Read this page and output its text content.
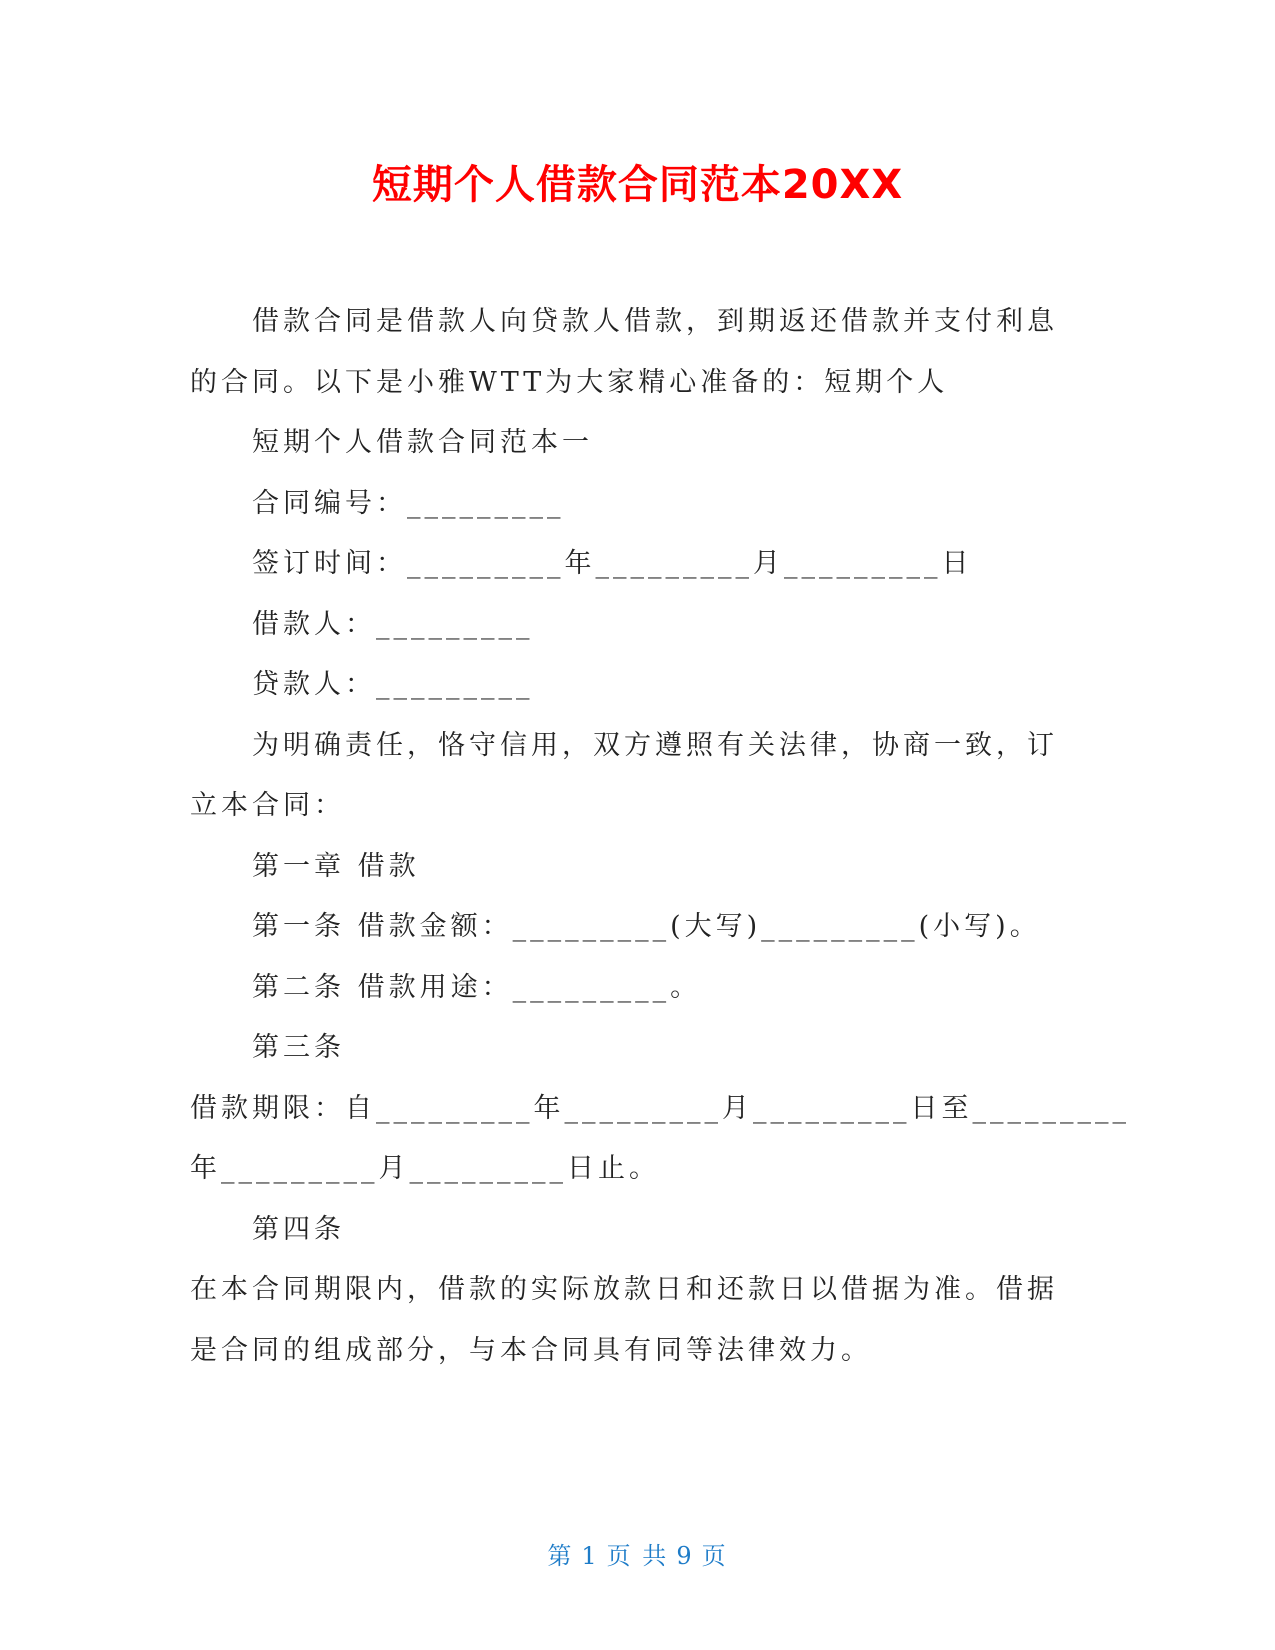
短期个人借款合同范本20XX

借款合同是借款人向贷款人借款，到期返还借款并支付利息

的合同。以下是小雅WTT为大家精心准备的：短期个人

短期个人借款合同范本一

合同编号：_________

签订时间：_________年_________月_________日

借款人：_________

贷款人：_________

为明确责任，恪守信用，双方遵照有关法律，协商一致，订

立本合同：

第一章 借款

第一条 借款金额：_________(大写)_________(小写)。

第二条 借款用途：_________。

第三条

借款期限：自_________年_________月_________日至_________

年_________月_________日止。

第四条

在本合同期限内，借款的实际放款日和还款日以借据为准。借据

是合同的组成部分，与本合同具有同等法律效力。

第 1 页 共 9 页
